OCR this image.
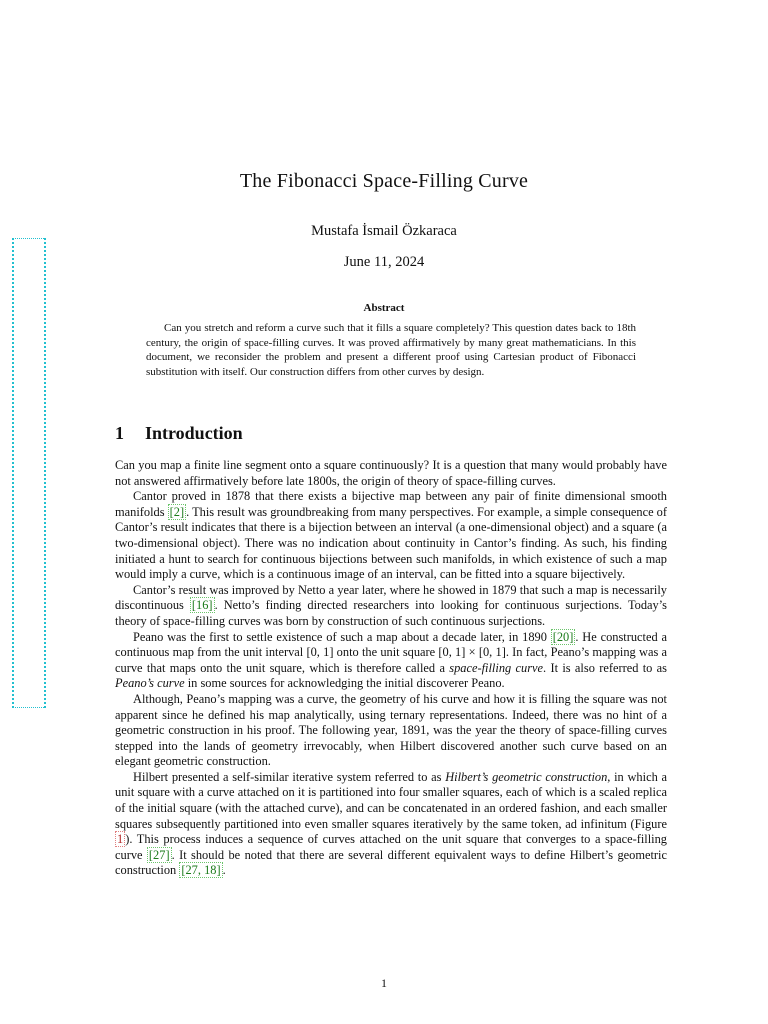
The Fibonacci Space-Filling Curve
Mustafa İsmail Özkaraca
June 11, 2024
Abstract
Can you stretch and reform a curve such that it fills a square completely? This question dates back to 18th century, the origin of space-filling curves. It was proved affirmatively by many great mathematicians. In this document, we reconsider the problem and present a different proof using Cartesian product of Fibonacci substitution with itself. Our construction differs from other curves by design.
1 Introduction

Can you map a finite line segment onto a square continuously? It is a question that many would probably have not answered affirmatively before late 1800s, the origin of theory of space-filling curves.

Cantor proved in 1878 that there exists a bijective map between any pair of finite dimensional smooth manifolds [2] . This result was groundbreaking from many perspectives. For example, a simple consequence of Cantor’s result indicates that there is a bijection between an interval (a one-dimensional object) and a square (a two-dimensional object). There was no indication about continuity in Cantor’s finding. As such, his finding initiated a hunt to search for continuous bijections between such manifolds, in which existence of such a map would imply a curve, which is a continuous image of an interval, can be fitted into a square bijectively.

Cantor’s result was improved by Netto a year later, where he showed in 1879 that such a map is necessarily discontinuous [16] . Netto’s finding directed researchers into looking for continuous surjections. Today’s theory of space-filling curves was born by construction of such continuous surjections.

Peano was the first to settle existence of such a map about a decade later, in 1890 [20] . He constructed a continuous map from the unit interval [0, 1] onto the unit square [0, 1] × [0, 1]. In fact, Peano’s mapping was a curve that maps onto the unit square, which is therefore called a space-filling curve. It is also referred to as Peano’s curve in some sources for acknowledging the initial discoverer Peano.

Although, Peano’s mapping was a curve, the geometry of his curve and how it is filling the square was not apparent since he defined his map analytically, using ternary representations. Indeed, there was no hint of a geometric construction in his proof. The following year, 1891, was the year the theory of space-filling curves stepped into the lands of geometry irrevocably, when Hilbert discovered another such curve based on an elegant geometric construction.

Hilbert presented a self-similar iterative system referred to as Hilbert’s geometric construction, in which a unit square with a curve attached on it is partitioned into four smaller squares, each of which is a scaled replica of the initial square (with the attached curve), and can be concatenated in an ordered fashion, and each smaller squares subsequently partitioned into even smaller squares iteratively by the same token, ad infinitum (Figure 1 ). This process induces a sequence of curves attached on the unit square that converges to a space-filling curve [27] . It should be noted that there are several different equivalent ways to define Hilbert’s geometric construction [27, 18] .

1
